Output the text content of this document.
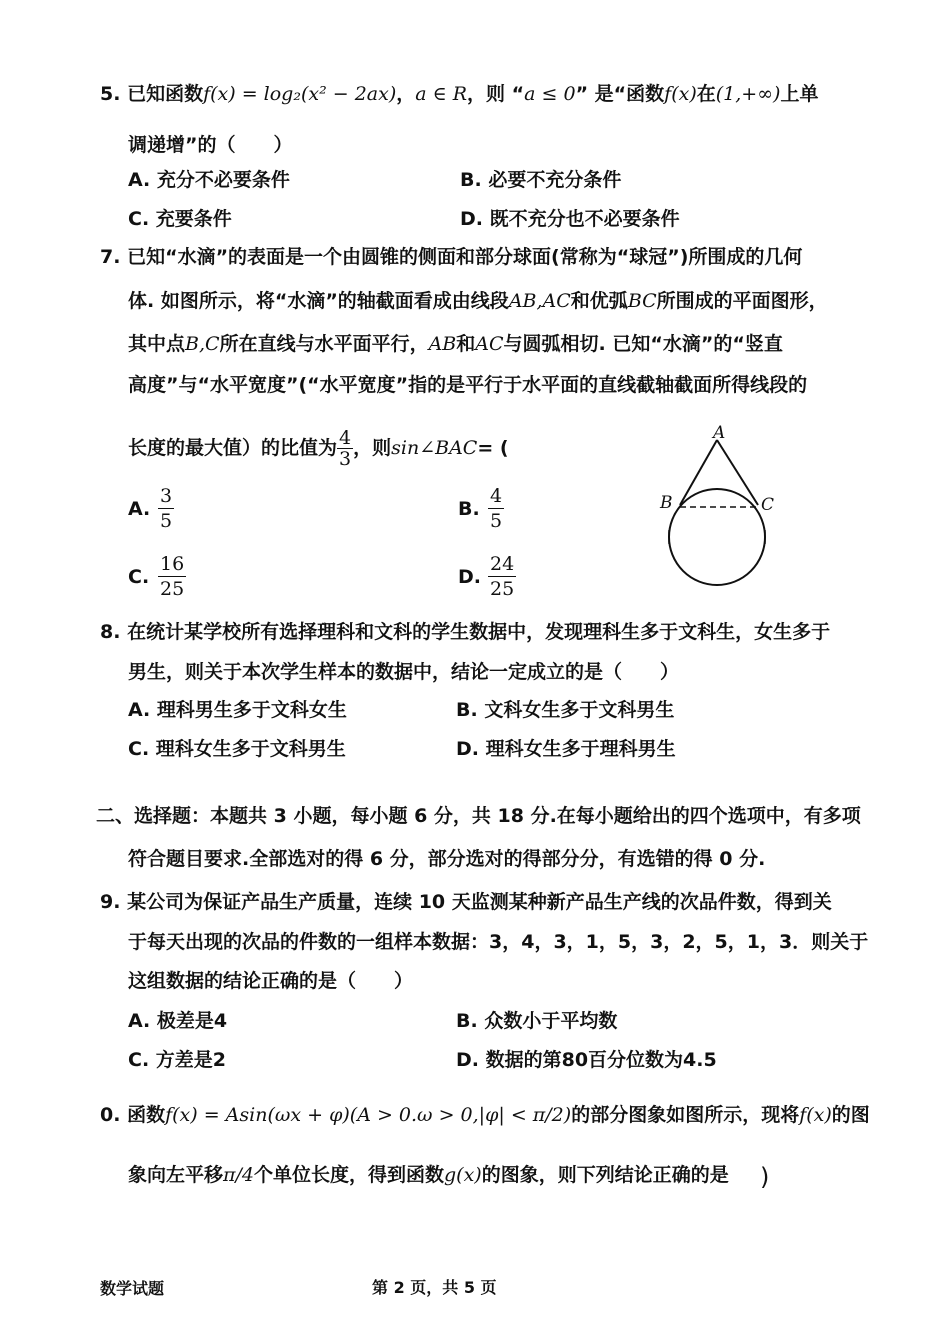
5. 已知函数f(x) = log₂(x² − 2ax)，a ∈ R，则 “a ≤ 0” 是“函数f(x)在(1,+∞)上单
调递增”的（　　）
A. 充分不必要条件	B. 必要不充分条件
C. 充要条件	D. 既不充分也不必要条件
7. 已知“水滴”的表面是一个由圆锥的侧面和部分球面(常称为“球冠”)所围成的几何
体. 如图所示，将“水滴”的轴截面看成由线段AB,AC和优弧BC所围成的平面图形，
其中点B,C所在直线与水平面平行，AB和AC与圆弧相切. 已知“水滴”的“竖直
高度”与“水平宽度”(“水平宽度”指的是平行于水平面的直线截轴截面所得线段的
长度的最大值）的比值为 $\frac{4}{3}$ ，则sin∠BAC= (
A.
3
5
B.
4
5
C.
16
25
D.
24
25
A
B	C
8. 在统计某学校所有选择理科和文科的学生数据中，发现理科生多于文科生，女生多于
男生，则关于本次学生样本的数据中，结论一定成立的是（　　）
A. 理科男生多于文科女生	B. 文科女生多于文科男生
C. 理科女生多于文科男生	D. 理科女生多于理科男生
二、选择题：本题共 3 小题，每小题 6 分，共 18 分.在每小题给出的四个选项中，有多项
符合题目要求.全部选对的得 6 分，部分选对的得部分分，有选错的得 0 分.
9. 某公司为保证产品生产质量，连续 10 天监测某种新产品生产线的次品件数，得到关
于每天出现的次品的件数的一组样本数据：3，4，3，1，5，3，2，5，1，3．则关于
这组数据的结论正确的是（　　）
A. 极差是4	B. 众数小于平均数
C. 方差是2	D. 数据的第80百分位数为4.5
0. 函数f(x) = Asin(ωx + φ)(A > 0.ω > 0,|φ| < π/2)的部分图象如图所示，现将f(x)的图
象向左平移π/4个单位长度，得到函数g(x)的图象，则下列结论正确的是 )
数学试题	第 2 页，共 5 页
